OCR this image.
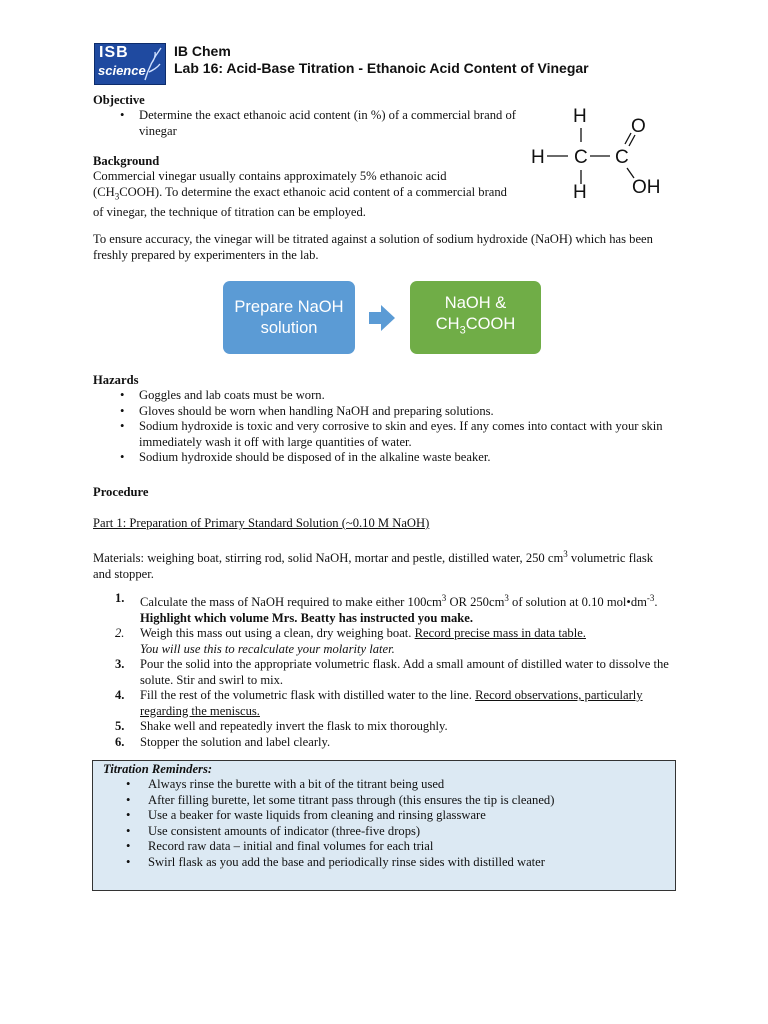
ISB
science
IB Chem
Lab 16: Acid-Base Titration - Ethanoic Acid Content of Vinegar
Objective
• Determine the exact ethanoic acid content (in %) of a commercial brand of vinegar
H
H C C
O
H OH
Background
Commercial vinegar usually contains approximately 5% ethanoic acid $(CH_3COOH)$. To determine the exact ethanoic acid content of a commercial brand of vinegar, the technique of titration can be employed.
To ensure accuracy, the vinegar will be titrated against a solution of sodium hydroxide (NaOH) which has been freshly prepared by experimenters in the lab.
Prepare NaOH
solution
NaOH &
$CH_3COOH$
Hazards
• Goggles and lab coats must be worn.
• Gloves should be worn when handling NaOH and preparing solutions.
• Sodium hydroxide is toxic and very corrosive to skin and eyes. If any comes into contact with your skin immediately wash it off with large quantities of water.
• Sodium hydroxide should be disposed of in the alkaline waste beaker.
Procedure
Part 1: Preparation of Primary Standard Solution (~0.10 M NaOH)
Materials: weighing boat, stirring rod, solid NaOH, mortar and pestle, distilled water, 250 $cm^3$ volumetric flask and stopper.
1. Calculate the mass of NaOH required to make either $100cm^3$ OR $250cm^3$ of solution at 0.10 $mol•dm^{-3}$. Highlight which volume Mrs. Beatty has instructed you make.
2. Weigh this mass out using a clean, dry weighing boat. Record precise mass in data table.
You will use this to recalculate your molarity later.
3. Pour the solid into the appropriate volumetric flask. Add a small amount of distilled water to dissolve the solute. Stir and swirl to mix.
4. Fill the rest of the volumetric flask with distilled water to the line. Record observations, particularly regarding the meniscus.
5. Shake well and repeatedly invert the flask to mix thoroughly.
6. Stopper the solution and label clearly.
Titration Reminders:
• Always rinse the burette with a bit of the titrant being used
• After filling burette, let some titrant pass through (this ensures the tip is cleaned)
• Use a beaker for waste liquids from cleaning and rinsing glassware
• Use consistent amounts of indicator (three-five drops)
• Record raw data – initial and final volumes for each trial
• Swirl flask as you add the base and periodically rinse sides with distilled water
